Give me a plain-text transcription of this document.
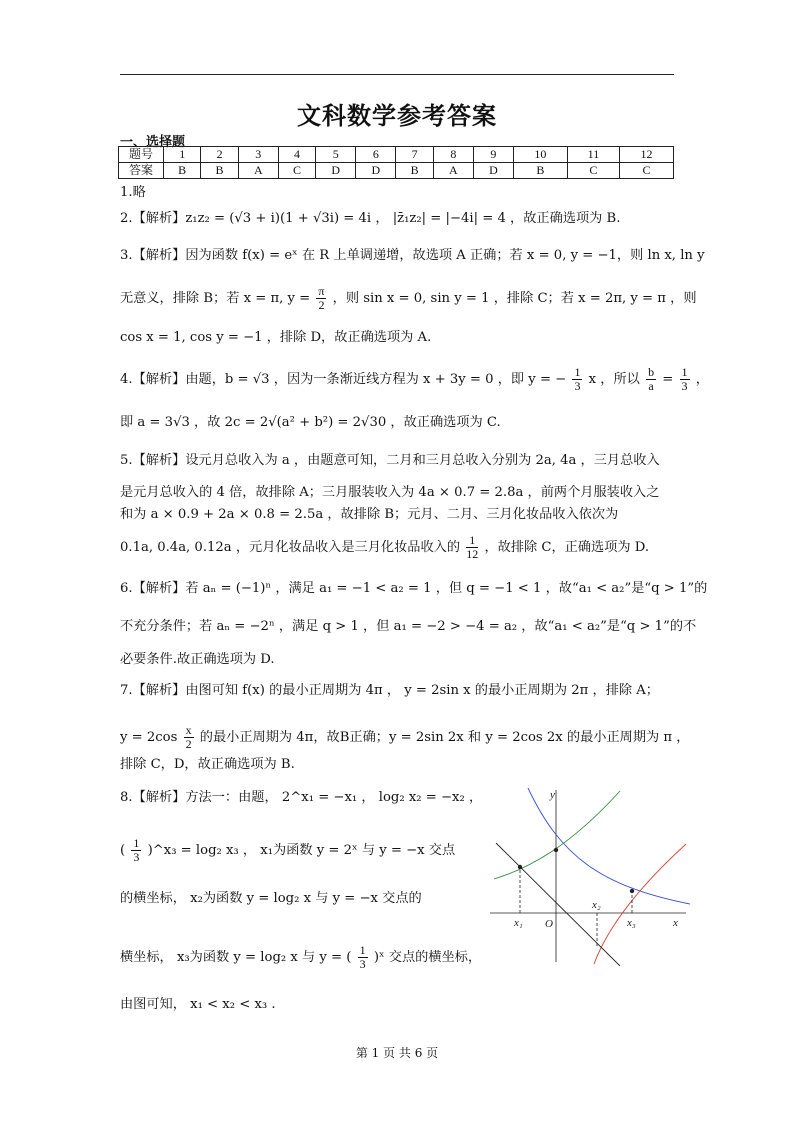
文科数学参考答案
一、选择题
题号	1	2	3	4	5	6	7	8	9	10	11	12
答案	B	B	A	C	D	D	B	A	D	B	C	C
1.略
2.【解析】z₁z₂ = (√3 + i)(1 + √3i) = 4i ， |z̄₁z₂| = |−4i| = 4 ，故正确选项为 B.
3.【解析】因为函数 f(x) = eˣ 在 R 上单调递增，故选项 A 正确；若 x = 0, y = −1，则 ln x, ln y
无意义，排除 B；若 x = π, $y = \frac{\pi}{2}$ ，则 sin x = 0, sin y = 1 ，排除 C；若 x = 2π, y = π ，则
cos x = 1, cos y = −1 ，排除 D，故正确选项为 A.
4.【解析】由题，b = √3 ，因为一条渐近线方程为 x + 3y = 0 ，即 y = − $\frac{1}{3}$ x ，所以 $\frac{b}{a} = \frac{1}{3}$ ，
即 a = 3√3 ，故 2c = 2√(a² + b²) = 2√30 ，故正确选项为 C.
5.【解析】设元月总收入为 a ，由题意可知，二月和三月总收入分别为 2a, 4a ，三月总收入
是元月总收入的 4 倍，故排除 A；三月服装收入为 4a × 0.7 = 2.8a ，前两个月服装收入之
和为 a × 0.9 + 2a × 0.8 = 2.5a ，故排除 B；元月、二月、三月化妆品收入依次为
0.1a, 0.4a, 0.12a ，元月化妆品收入是三月化妆品收入的 $\frac{1}{12}$ ，故排除 C，正确选项为 D.
6.【解析】若 aₙ = (−1)ⁿ ，满足 a₁ = −1 < a₂ = 1 ，但 q = −1 < 1 ，故“a₁ < a₂”是“q > 1”的
不充分条件；若 aₙ = −2ⁿ ，满足 q > 1 ，但 a₁ = −2 > −4 = a₂ ，故“a₁ < a₂”是“q > 1”的不
必要条件.故正确选项为 D.
7.【解析】由图可知 f(x) 的最小正周期为 4π ， y = 2sin x 的最小正周期为 2π ，排除 A；
$y = 2\cos \frac{x}{2}$ 的最小正周期为 4π，故B正确；y = 2sin 2x 和 y = 2cos 2x 的最小正周期为 π ，
排除 C，D，故正确选项为 B.
8.【解析】方法一：由题， 2^x₁ = −x₁ ， log₂ x₂ = −x₂ ，
( $\frac{1}{3}$ )^x₃ = log₂ x₃ ， x₁为函数 y = 2ˣ 与 y = −x 交点
的横坐标， x₂为函数 y = log₂ x 与 y = −x 交点的
横坐标， x₃为函数 y = log₂ x 与 y = ( $\frac{1}{3}$ )ˣ 交点的横坐标，
由图可知， x₁ < x₂ < x₃ .
y
x
O
x₁
x₂
x₃
第 1 页 共 6 页
